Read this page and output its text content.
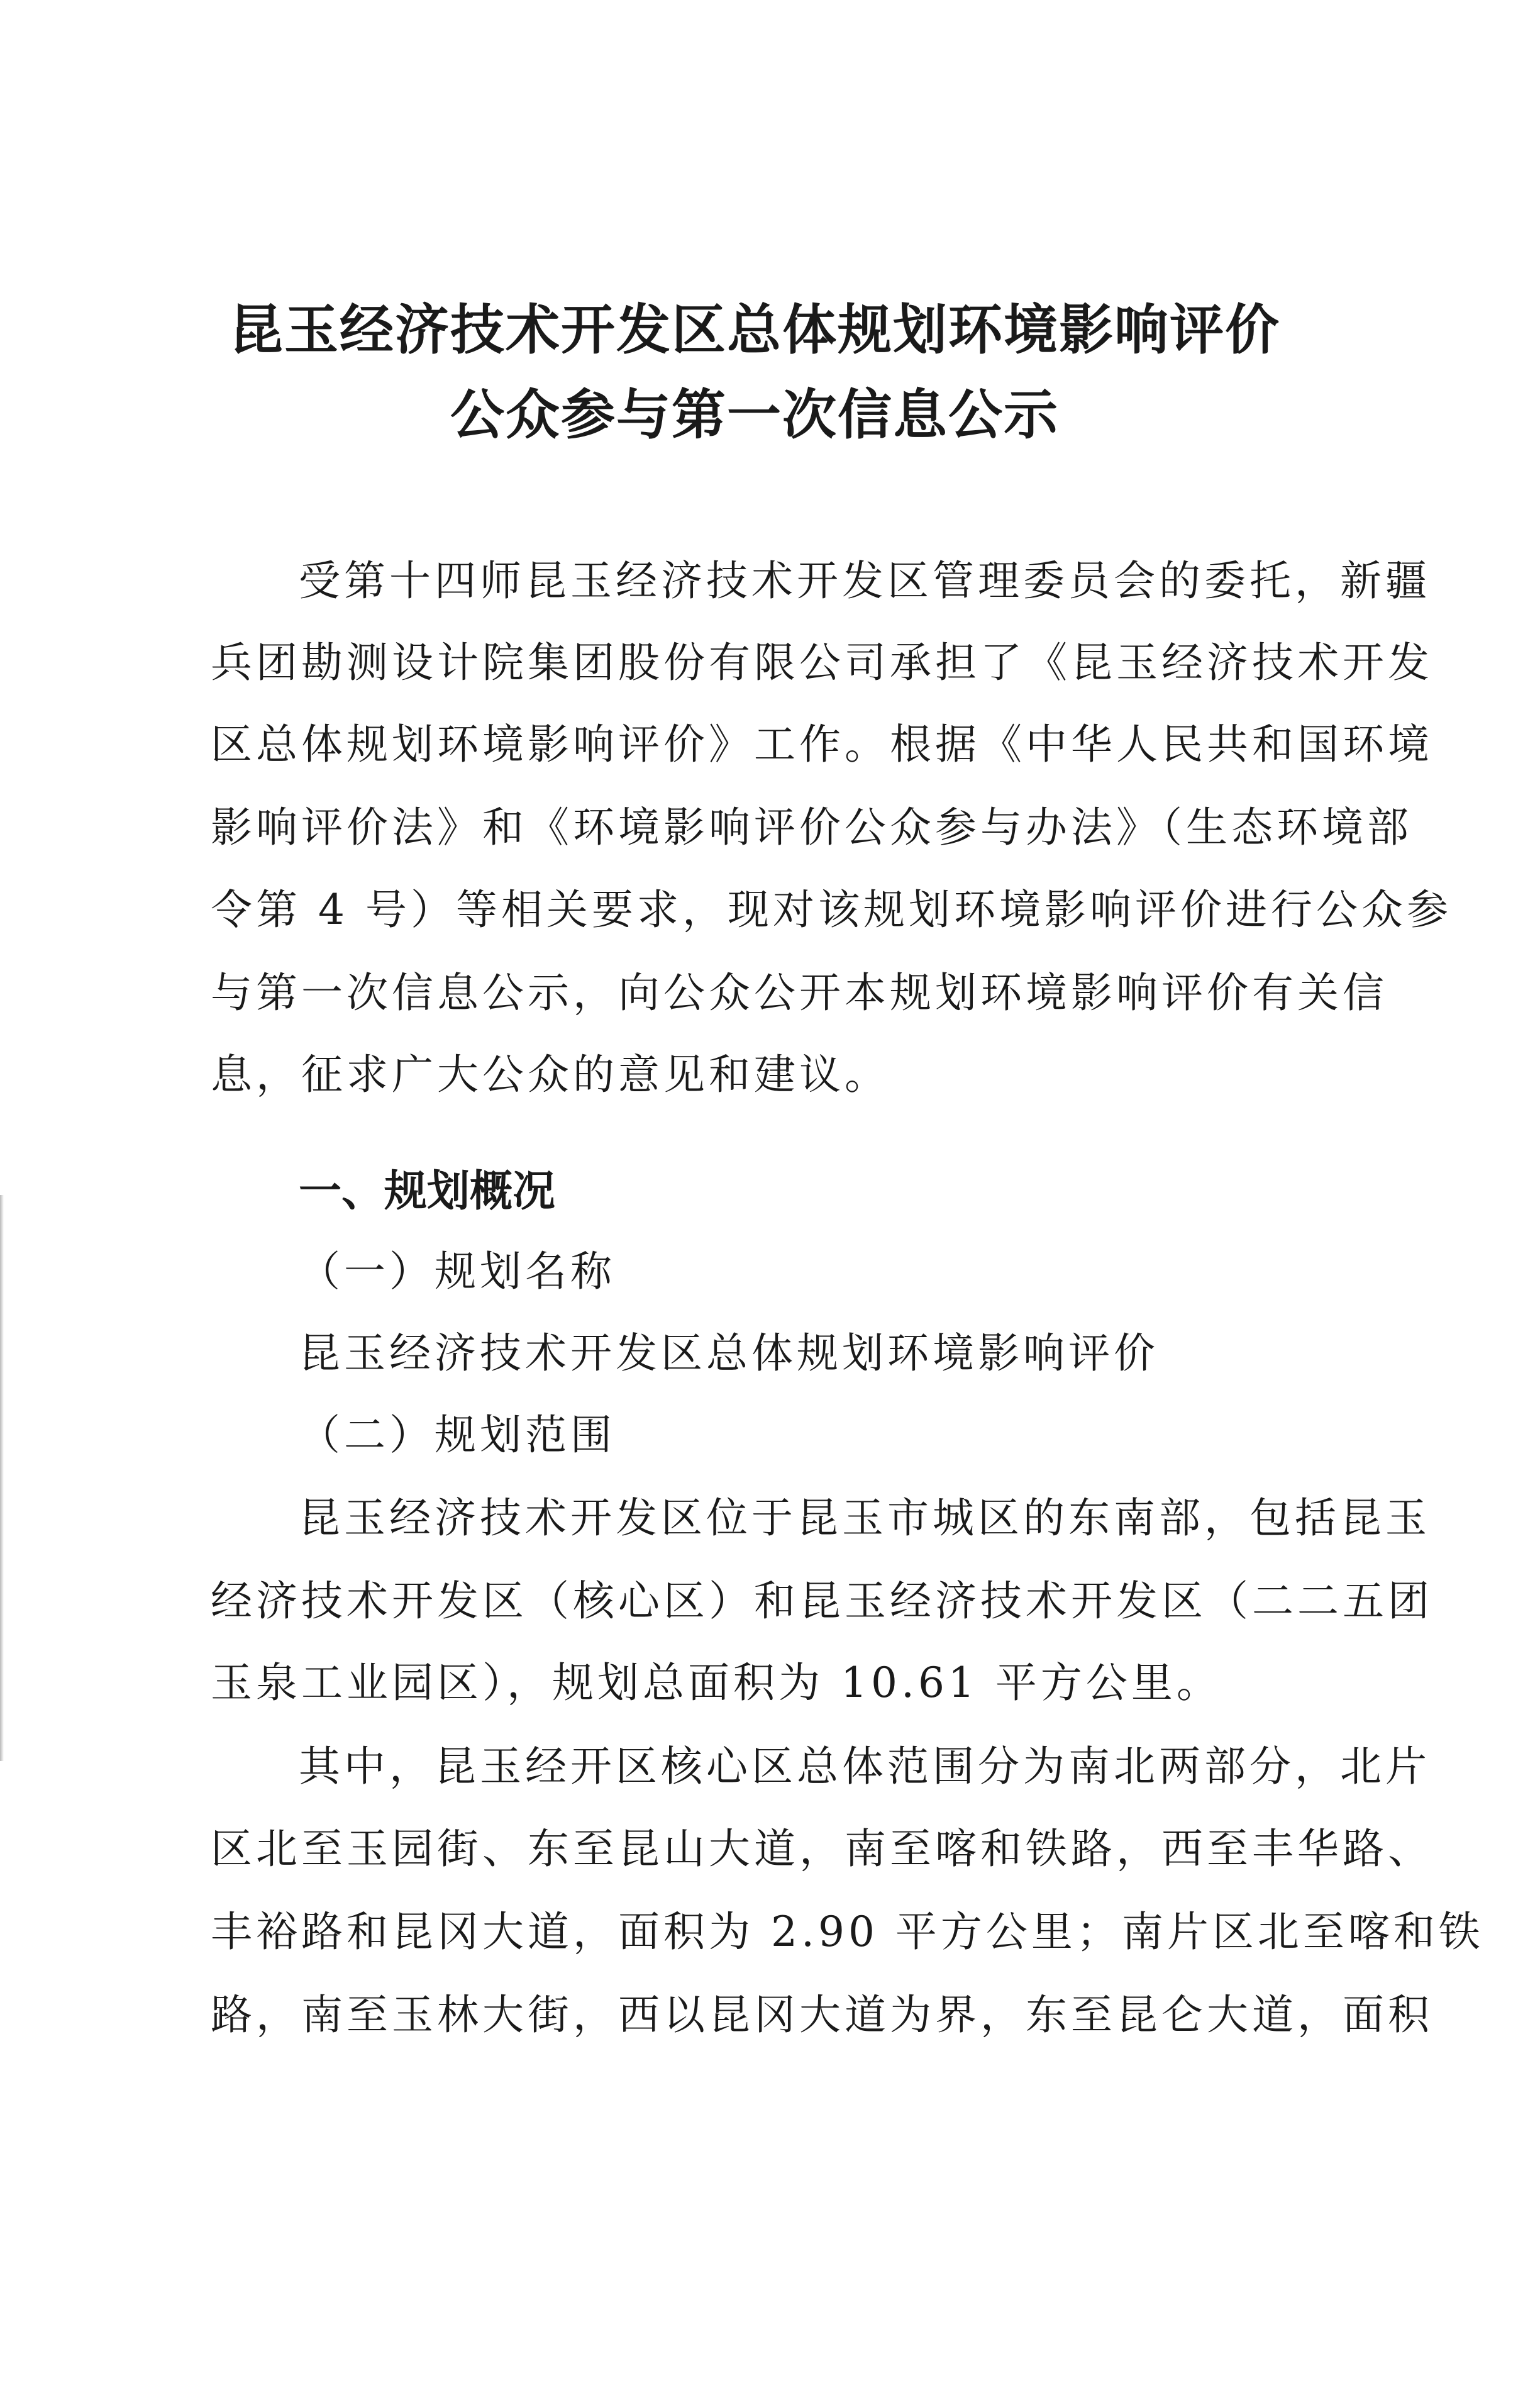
昆玉经济技术开发区总体规划环境影响评价
公众参与第一次信息公示
受第十四师昆玉经济技术开发区管理委员会的委托，新疆
兵团勘测设计院集团股份有限公司承担了《昆玉经济技术开发
区总体规划环境影响评价》工作。根据《中华人民共和国环境
影响评价法》和《环境影响评价公众参与办法》（生态环境部
令第 4 号）等相关要求，现对该规划环境影响评价进行公众参
与第一次信息公示，向公众公开本规划环境影响评价有关信
息，征求广大公众的意见和建议。
一、规划概况
（一）规划名称
昆玉经济技术开发区总体规划环境影响评价
（二）规划范围
昆玉经济技术开发区位于昆玉市城区的东南部，包括昆玉
经济技术开发区（核心区）和昆玉经济技术开发区（二二五团
玉泉工业园区），规划总面积为 10.61 平方公里。
其中，昆玉经开区核心区总体范围分为南北两部分，北片
区北至玉园街、东至昆山大道，南至喀和铁路，西至丰华路、
丰裕路和昆冈大道，面积为 2.90 平方公里；南片区北至喀和铁
路，南至玉林大街，西以昆冈大道为界，东至昆仑大道，面积
